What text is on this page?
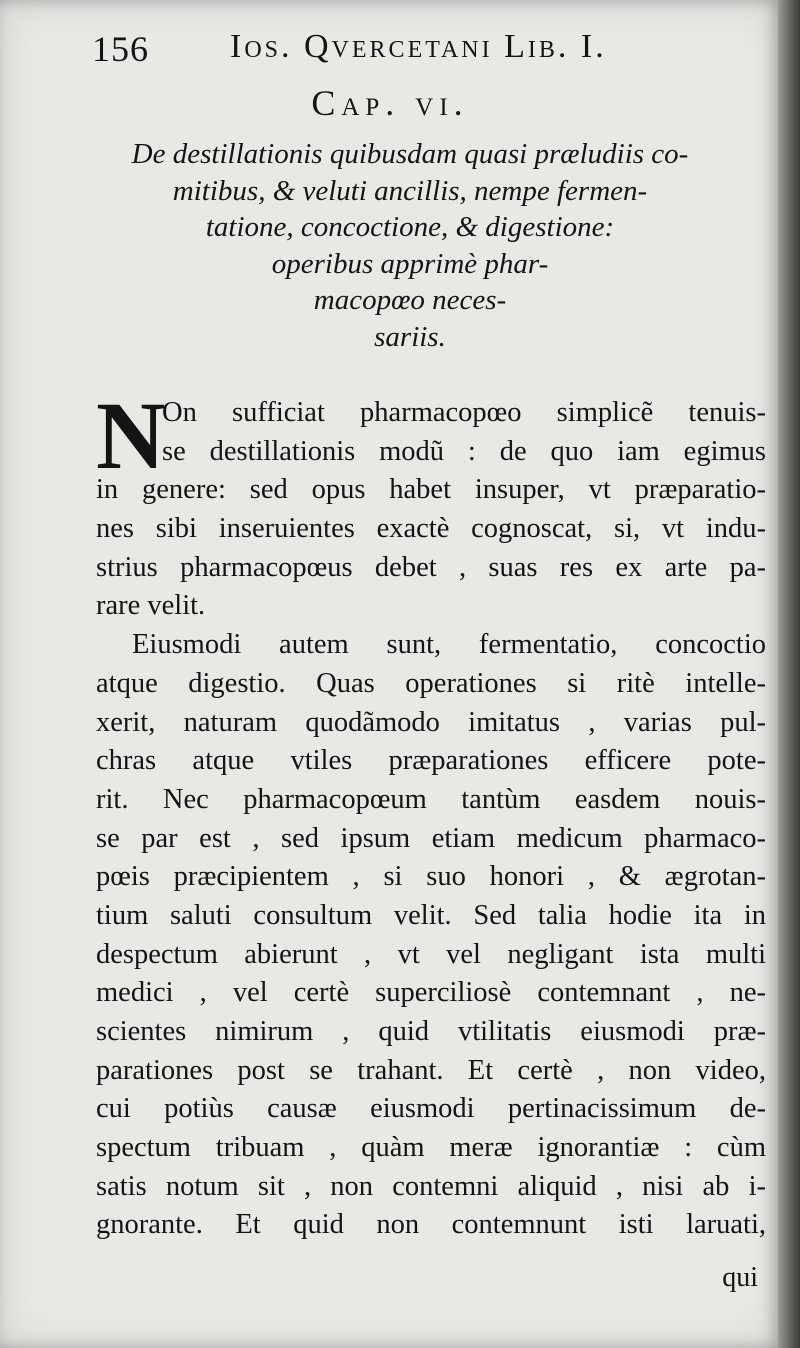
156 Ios. Qvercetani Lib. I.
Cap. vi.
De destillationis quibusdam quasi præludiis co-
mitibus, & veluti ancillis, nempe fermen-
tatione, concoctione, & digestione:
operibus apprimè phar-
macopœo neces-
sariis.
N
On sufficiat pharmacopœo simplicẽ tenuis-
se destillationis modũ : de quo iam egimus
in genere: sed opus habet insuper, vt præparatio-
nes sibi inseruientes exactè cognoscat, si, vt indu-
strius pharmacopœus debet , suas res ex arte pa-
rare velit.
Eiusmodi autem sunt, fermentatio, concoctio
atque digestio. Quas operationes si ritè intelle-
xerit, naturam quodãmodo imitatus , varias pul-
chras atque vtiles præparationes efficere pote-
rit. Nec pharmacopœum tantùm easdem nouis-
se par est , sed ipsum etiam medicum pharmaco-
pœis præcipientem , si suo honori , & ægrotan-
tium saluti consultum velit. Sed talia hodie ita in
despectum abierunt , vt vel negligant ista multi
medici , vel certè superciliosè contemnant , ne-
scientes nimirum , quid vtilitatis eiusmodi præ-
parationes post se trahant. Et certè , non video,
cui potiùs causæ eiusmodi pertinacissimum de-
spectum tribuam , quàm meræ ignorantiæ : cùm
satis notum sit , non contemni aliquid , nisi ab i-
gnorante. Et quid non contemnunt isti laruati,
qui
